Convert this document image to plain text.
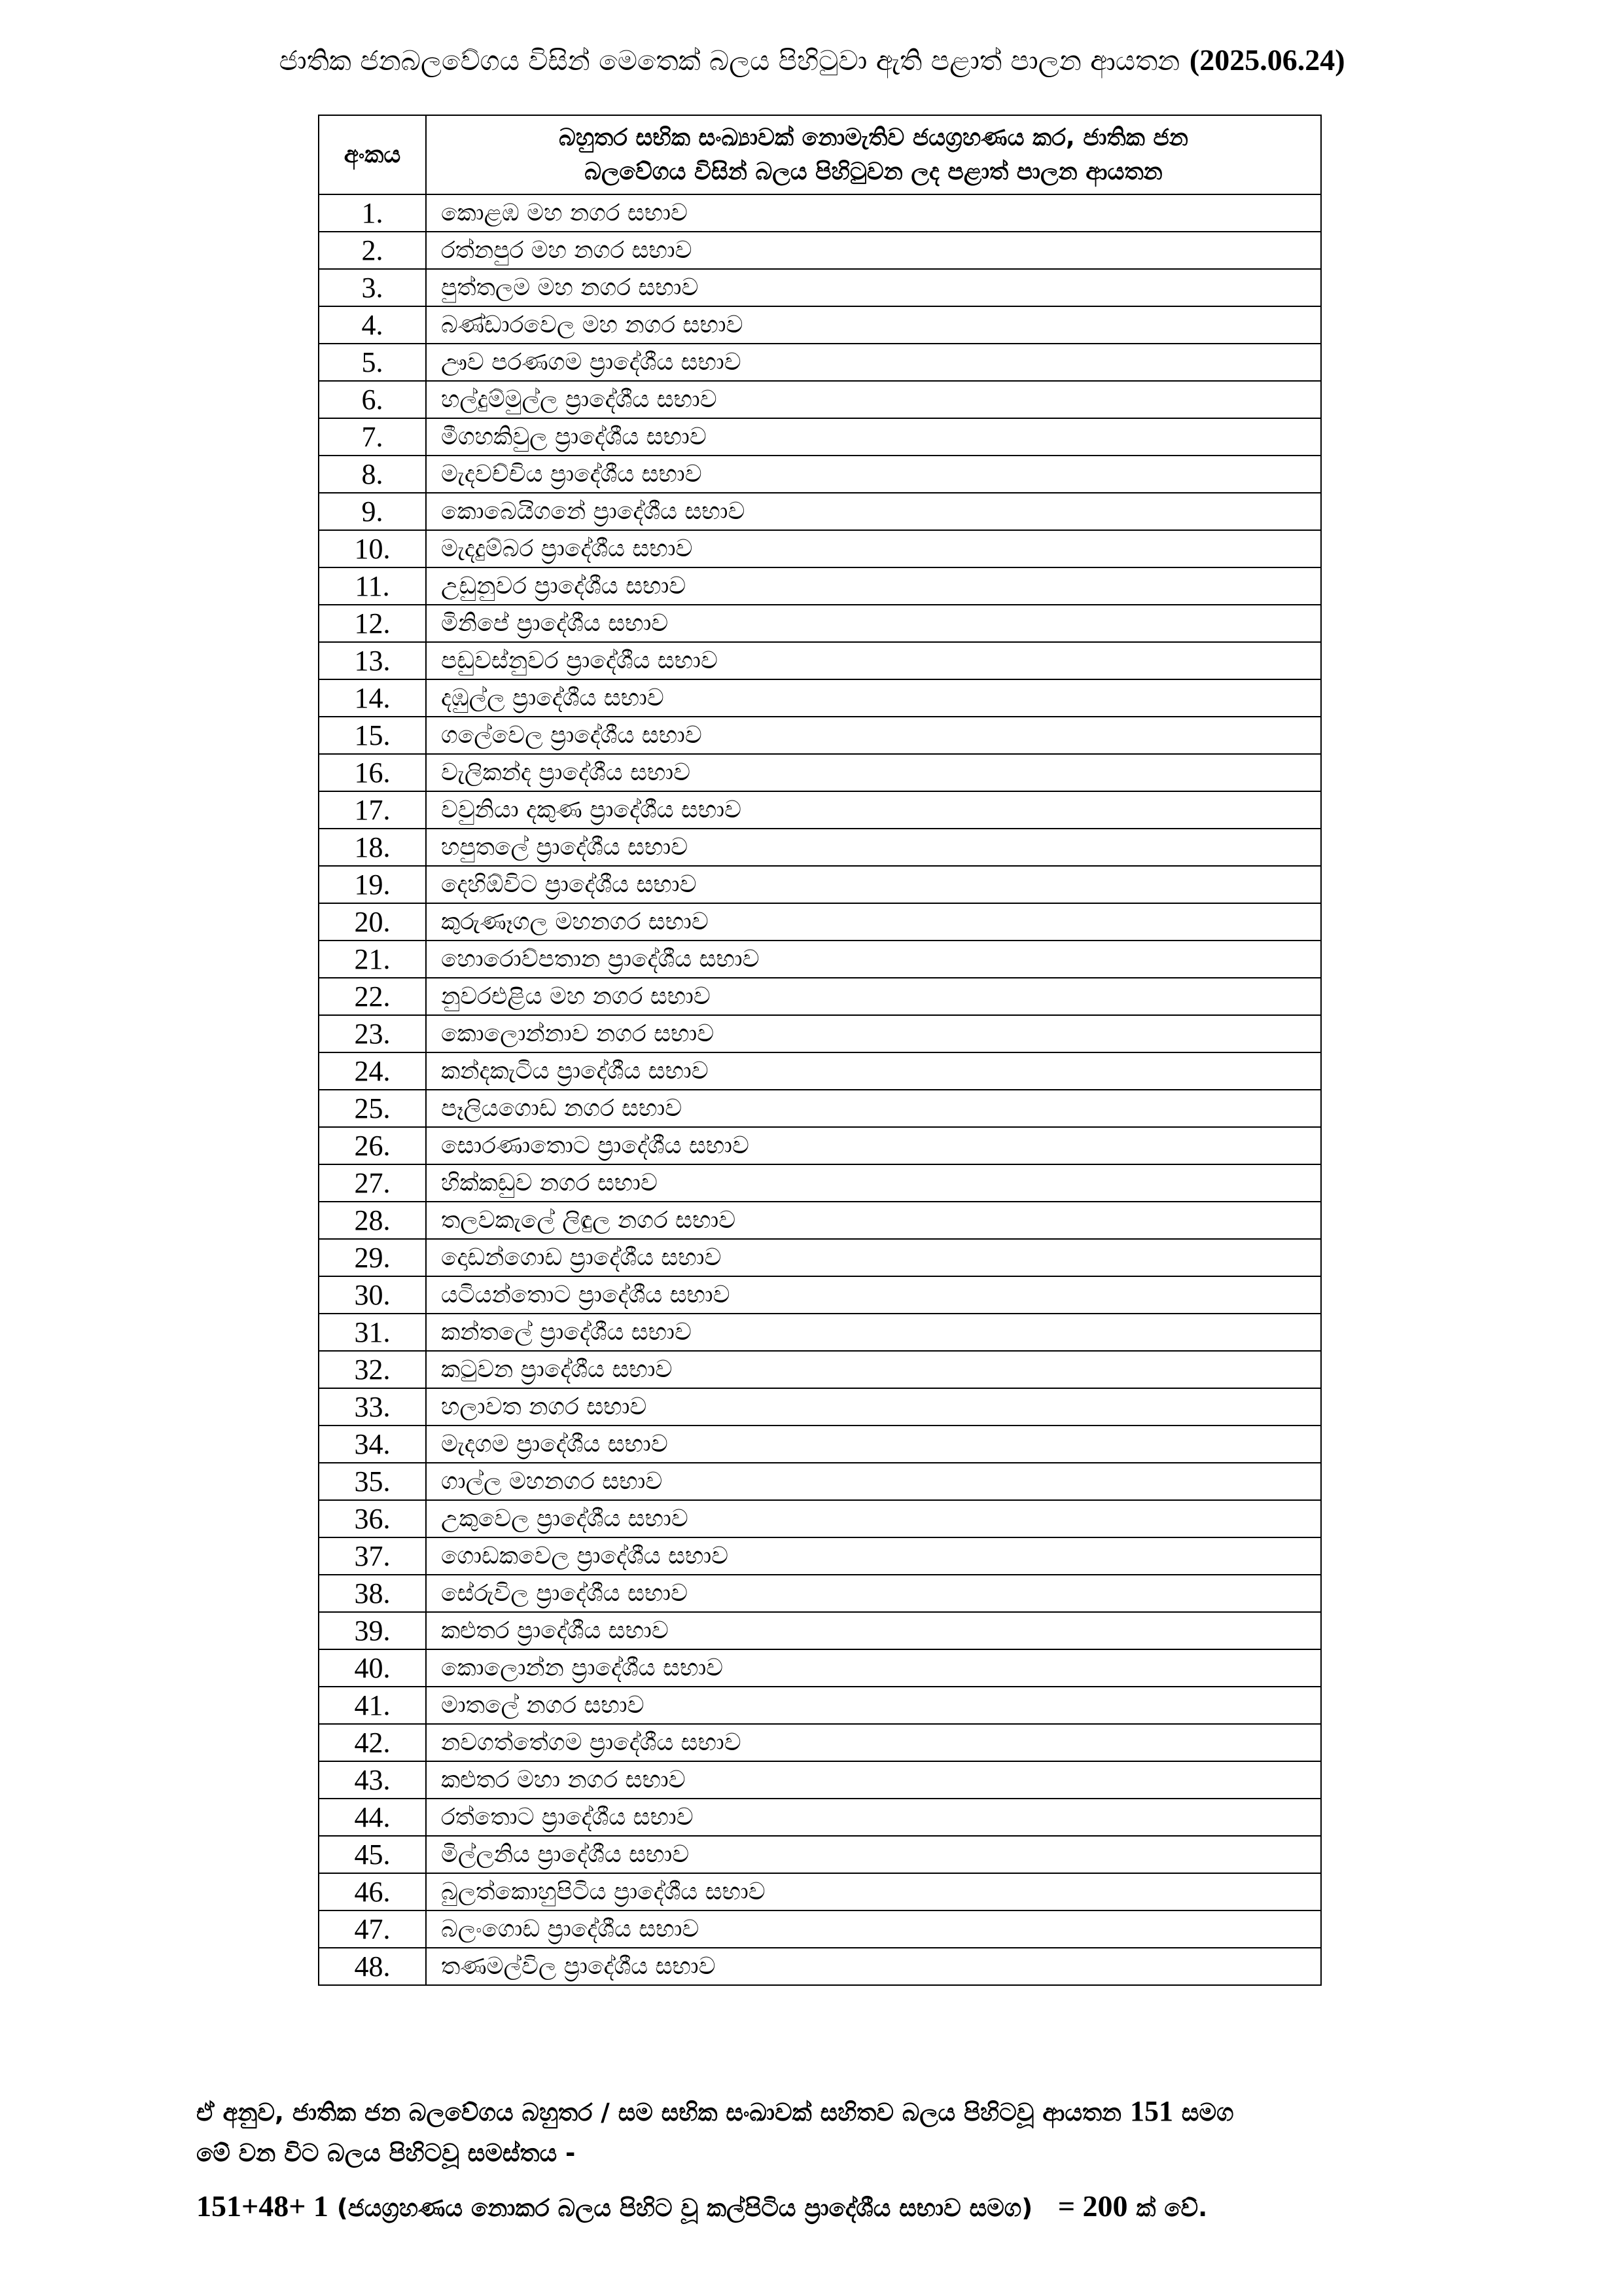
ජාතික ජනබලවේගය විසින් මෙතෙක් බලය පිහිටුවා ඇති පළාත් පාලන ආයතන (2025.06.24)
අංකය	බහුතර සභික සංඛ්‍යාවක් නොමැතිව ජයග්‍රහණය කර, ජාතික ජන
බලවේගය විසින් බලය පිහිටුවන ලද පළාත් පාලන ආයතන
1.	කොළඹ මහ නගර සභාව
2.	රත්නපුර මහ නගර සභාව
3.	පුත්තලම මහ නගර සභාව
4.	බණ්ඩාරවෙල මහ නගර සභාව
5.	ඌව පරණගම ප්‍රාදේශීය සභාව
6.	හල්දුම්මුල්ල ප්‍රාදේශීය සභාව
7.	මීගහකිවුල ප්‍රාදේශීය සභාව
8.	මැදවච්චිය ප්‍රාදේශීය සභාව
9.	කොබෙයිගනේ ප්‍රාදේශීය සභාව
10.	මැදදුම්බර ප්‍රාදේශීය සභාව
11.	උඩුනුවර ප්‍රාදේශීය සභාව
12.	මිනිපේ ප්‍රාදේශීය සභාව
13.	පඩුවස්නුවර ප්‍රාදේශීය සභාව
14.	දඹුල්ල ප්‍රාදේශීය සභාව
15.	ගලේවෙල ප්‍රාදේශීය සභාව
16.	වැලිකන්ද ප්‍රාදේශීය සභාව
17.	වවුනියා දකුණ ප්‍රාදේශීය සභාව
18.	හපුතලේ ප්‍රාදේශීය සභාව
19.	දෙහිඕවිට ප්‍රාදේශීය සභාව
20.	කුරුණෑගල මහනගර සභාව
21.	හොරොව්පතාන ප්‍රාදේශීය සභාව
22.	නුවරඑළිය මහ නගර සභාව
23.	කොලොන්නාව නගර සභාව
24.	කන්දකැටිය ප්‍රාදේශීය සභාව
25.	පෑලියගොඩ නගර සභාව
26.	සොරණාතොට ප්‍රාදේශීය සභාව
27.	හික්කඩුව නගර සභාව
28.	තලවකැලේ ලිඳුල නගර සභාව
29.	දොඩන්ගොඩ ප්‍රාදේශීය සභාව
30.	යටියන්තොට ප්‍රාදේශීය සභාව
31.	කන්තලේ ප්‍රාදේශීය සභාව
32.	කටුවන ප්‍රාදේශීය සභාව
33.	හලාවත නගර සභාව
34.	මැදගම ප්‍රාදේශීය සභාව
35.	ගාල්ල මහනගර සභාව
36.	උකුවෙල ප්‍රාදේශීය සභාව
37.	ගොඩකවෙල ප්‍රාදේශීය සභාව
38.	සේරුවිල ප්‍රාදේශීය සභාව
39.	කළුතර ප්‍රාදේශීය සභාව
40.	කොලොන්න ප්‍රාදේශීය සභාව
41.	මාතලේ නගර සභාව
42.	නවගත්තේගම ප්‍රාදේශීය සභාව
43.	කළුතර මහා නගර සභාව
44.	රත්තොට ප්‍රාදේශීය සභාව
45.	මිල්ලනිය ප්‍රාදේශීය සභාව
46.	බුලත්කොහුපිටිය ප්‍රාදේශීය සභාව
47.	බලංගොඩ ප්‍රාදේශීය සභාව
48.	තණමල්විල ප්‍රාදේශීය සභාව
ඒ අනුව, ජාතික ජන බලවේගය බහුතර / සම සභික සංඛාවක් සහිතව බලය පිහිටවූ ආයතන 151 සමග
මේ වන විට බලය පිහිටවූ සමස්තය -
151+48+ 1 (ජයග්‍රහණය නොකර බලය පිහිට වූ කල්පිටිය ප්‍රාදේශීය සභාව සමග) = 200 ක් වේ.
